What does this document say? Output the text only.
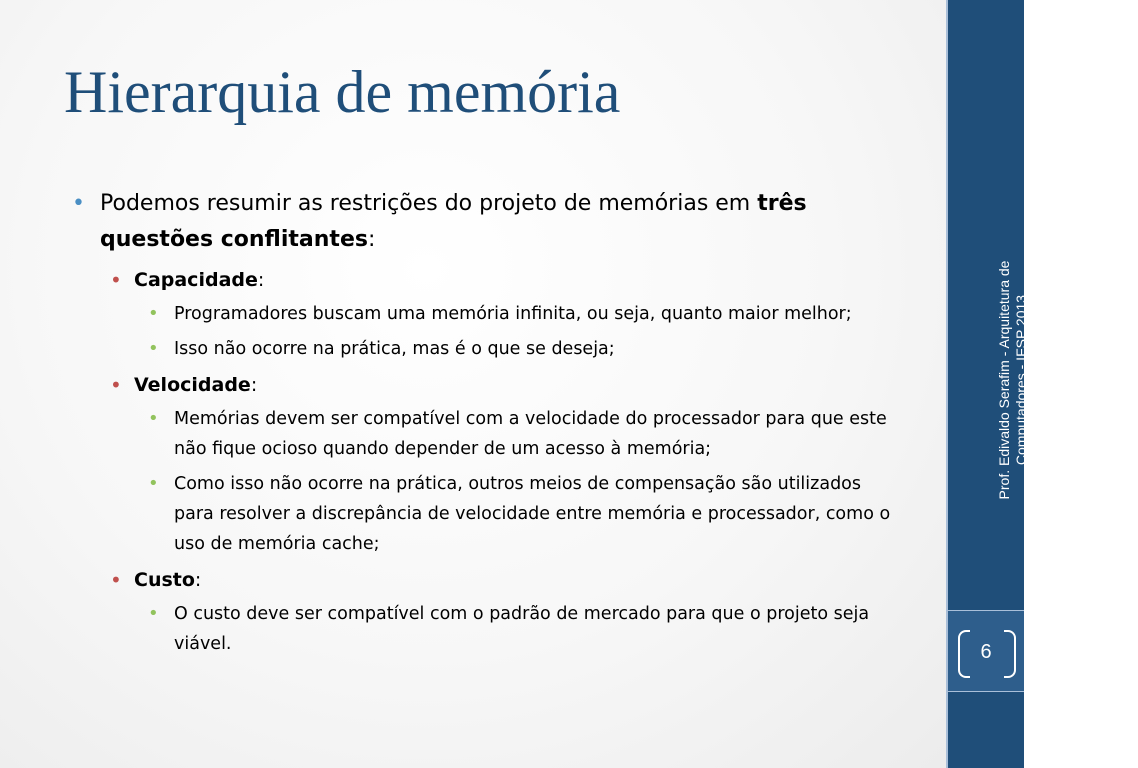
Hierarquia de memória
• Podemos resumir as restrições do projeto de memórias em três questões conflitantes:
• Capacidade:
• Programadores buscam uma memória infinita, ou seja, quanto maior melhor;
• Isso não ocorre na prática, mas é o que se deseja;
• Velocidade:
• Memórias devem ser compatível com a velocidade do processador para que este não fique ocioso quando depender de um acesso à memória;
• Como isso não ocorre na prática, outros meios de compensação são utilizados para resolver a discrepância de velocidade entre memória e processador, como o uso de memória cache;
• Custo:
• O custo deve ser compatível com o padrão de mercado para que o projeto seja viável.
Prof. Edivaldo Serafim - Arquitetura de Computadores - IFSP 2013
6
